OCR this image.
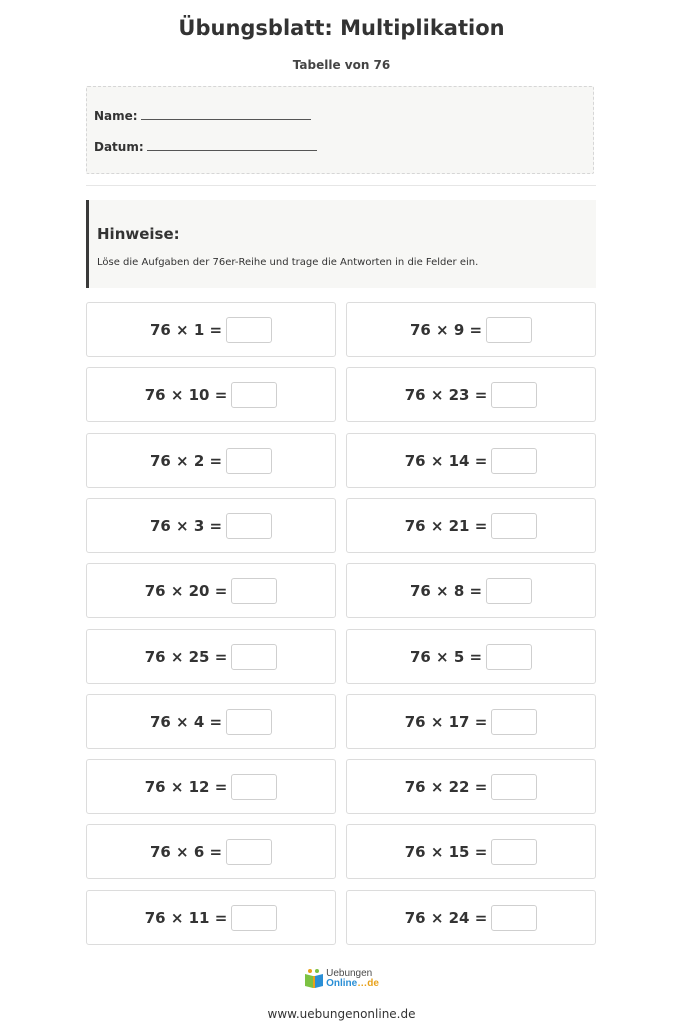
Übungsblatt: Multiplikation
Tabelle von 76
Name:
Datum:
Hinweise:
Löse die Aufgaben der 76er-Reihe und trage die Antworten in die Felder ein.
76 × 1 =
76 × 10 =
76 × 2 =
76 × 3 =
76 × 20 =
76 × 25 =
76 × 4 =
76 × 12 =
76 × 6 =
76 × 11 =
76 × 9 =
76 × 23 =
76 × 14 =
76 × 21 =
76 × 8 =
76 × 5 =
76 × 17 =
76 × 22 =
76 × 15 =
76 × 24 =
Uebungen
Online…de
www.uebungenonline.de
